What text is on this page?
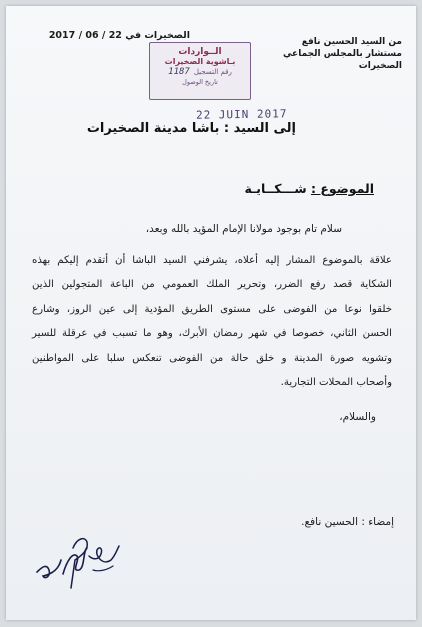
الصخيرات في 22 / 06 / 2017
من السيد الحسين نافع
مستشار بالمجلس الجماعي
الصخيرات
الــواردات
بـاشوية الصخيرات
رقم التسجيل
1187
تاريخ الوصول
22 JUIN 2017
إلى السيد : باشا مدينة الصخيرات
الموضوع : شـــكــايـة
سلام تام بوجود مولانا الإمام المؤيد بالله وبعد،
علاقة بالموضوع المشار إليه أعلاه، يشرفني السيد الباشا أن أتقدم إليكم بهذه
الشكاية قصد رفع الضرر، وتحرير الملك العمومي من الباعة المتجولين الذين
خلقوا نوعا من الفوضى على مستوى الطريق المؤدية إلى عين الروز، وشارع
الحسن الثاني، خصوصا في شهر رمضان الأبرك، وهو ما تسبب في عرقلة للسير
وتشويه صورة المدينة و خلق حالة من الفوضى تنعكس سلبا على المواطنين
وأصحاب المحلات التجارية.
والسلام،
إمضاء : الحسين نافع.
